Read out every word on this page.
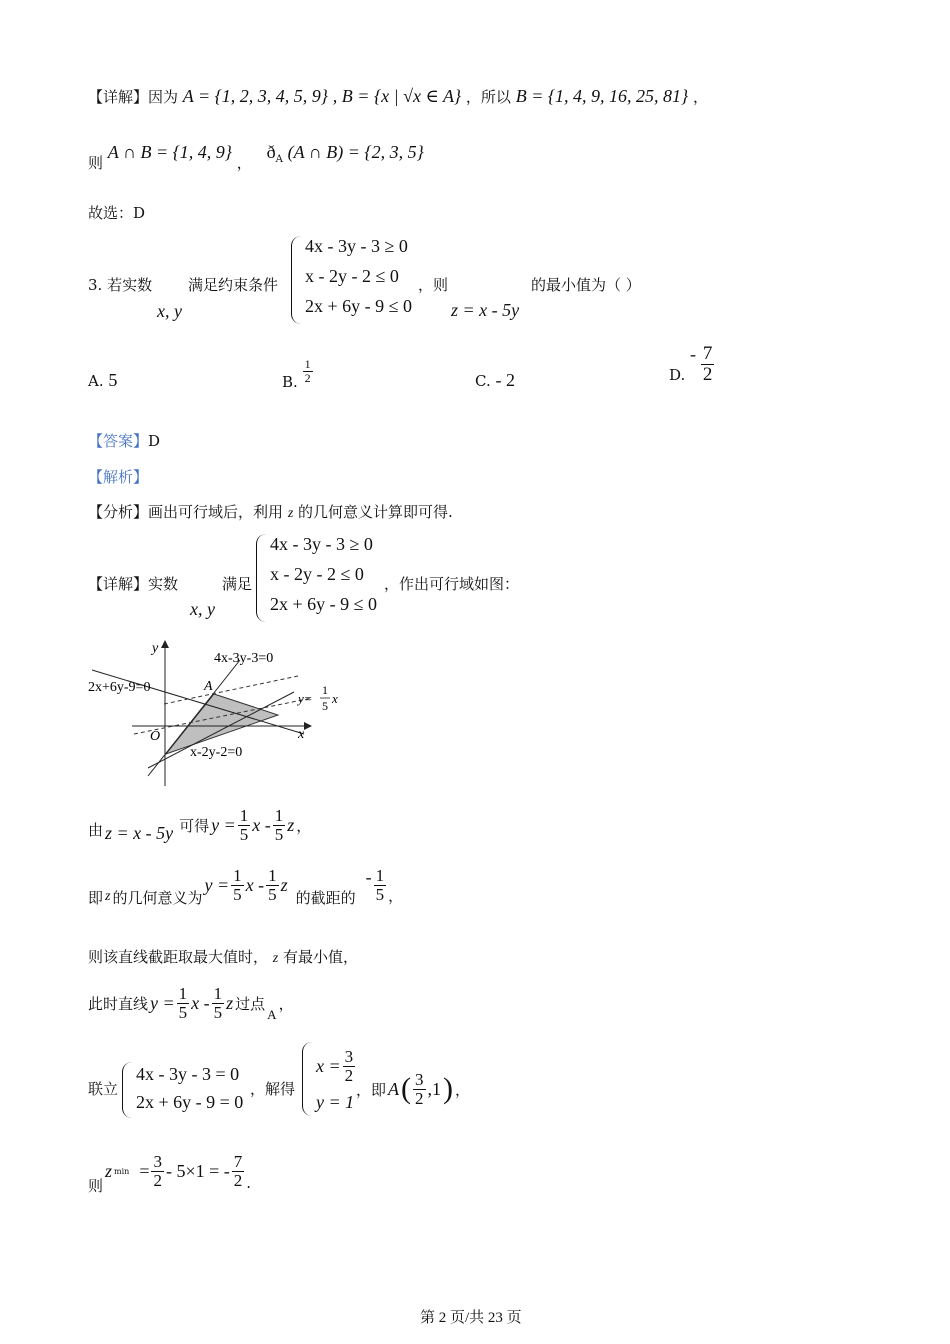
【详解】因为 A = {1, 2, 3, 4, 5, 9} , B = {x | √x ∈ A} ，所以 B = {1, 4, 9, 16, 25, 81} ，
则 A ∩ B = {1, 4, 9} ， $ð_A$ (A ∩ B) = {2, 3, 5}
故选：D
3. 若实数
x, y
满足约束条件
4x - 3y - 3 ≥ 0
x - 2y - 2 ≤ 0
2x + 6y - 9 ≤ 0
，则
z = x - 5y
的最小值为（ ）
A. 5	B. $\frac{1}{2}$	C. - 2	D. - $\frac{7}{2}$
【答案】D
【解析】
【分析】画出可行域后，利用 z 的几何意义计算即可得.
【详解】实数
x, y
满足
4x - 3y - 3 ≥ 0
x - 2y - 2 ≤ 0
2x + 6y - 9 ≤ 0
，作出可行域如图：
y
x
O
A
4x-3y-3=0
2x+6y-9=0
x-2y-2=0
y=
1
5 x
由 z = x - 5y 可得 $y = \frac{1}{5}$ x - $\frac{1}{5}$ z ，
即 z 的几何意义为
$y = \frac{1}{5}$ x - $\frac{1}{5}$ z
的截距的
- $\frac{1}{5}$ ，
则该直线截距取最大值时， z 有最小值，
此时直线 $y = \frac{1}{5}$ x - $\frac{1}{5}$ z 过点
A
，
联立
4x - 3y - 3 = 0
2x + 6y - 9 = 0
，解得
$x = \frac{3}{2}$
y = 1
，即 A ( $\frac{3}{2} ,1$ ) ，
则
z $\min = \frac{3}{2} - 5\times 1$ = - $\frac{7}{2}$ .
第 2 页/共 23 页
